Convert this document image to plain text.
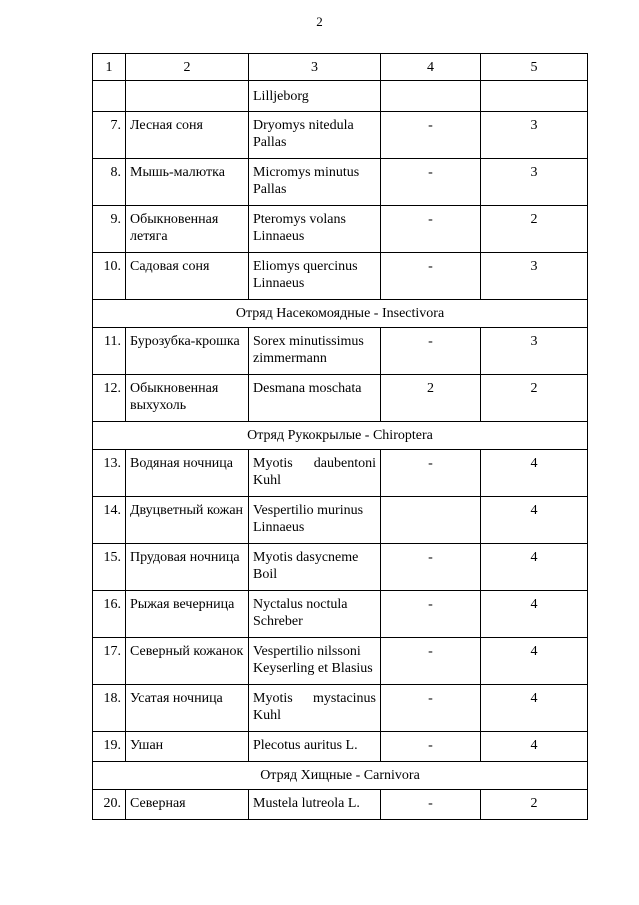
2
1	2	3	4	5
		Lilljeborg		
7.	Лесная соня	Dryomys nitedula Pallas	-	3
8.	Мышь-малютка	Micromys minutus Pallas	-	3
9.	Обыкновенная летяга	Pteromys volans Linnaeus	-	2
10.	Садовая соня	Eliomys quercinus Linnaeus	-	3
Отряд Насекомоядные - Insectivora				
11.	Бурозубка-крошка	Sorex minutissimus zimmermann	-	3
12.	Обыкновенная выхухоль	Desmana moschata	2	2
Отряд Рукокрылые - Chiroptera				
13.	Водяная ночница	Myotis daubentoni Kuhl	-	4
14.	Двуцветный кожан	Vespertilio murinus Linnaeus		4
15.	Прудовая ночница	Myotis dasycneme Boil	-	4
16.	Рыжая вечерница	Nyctalus noctula Schreber	-	4
17.	Северный кожанок	Vespertilio nilssoni Keyserling et Blasius	-	4
18.	Усатая ночница	Myotis mystacinus Kuhl	-	4
19.	Ушан	Plecotus auritus L.	-	4
Отряд Хищные - Carnivora				
20.	Северная	Mustela lutreola L.	-	2
